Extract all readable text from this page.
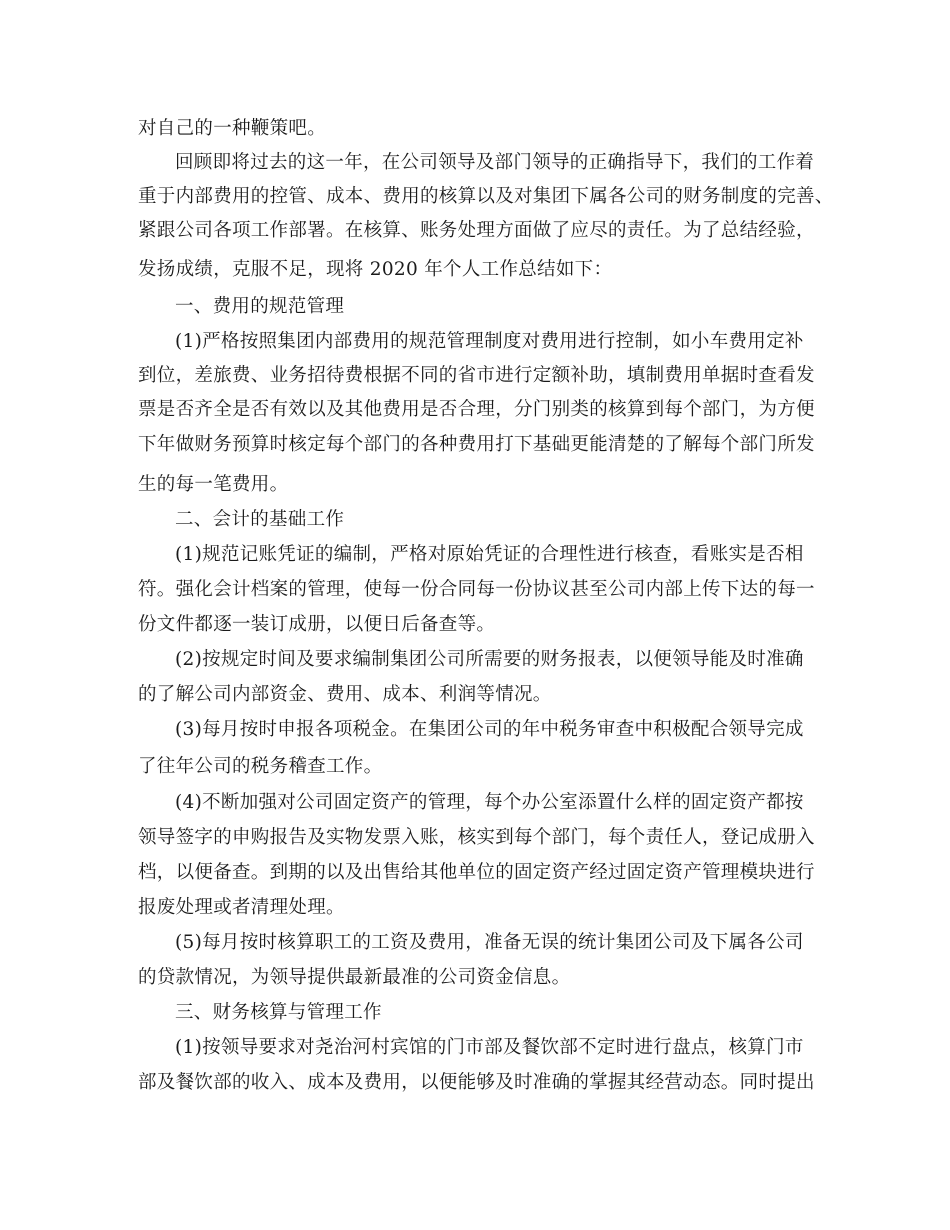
对自己的一种鞭策吧。
回顾即将过去的这一年，在公司领导及部门领导的正确指导下，我们的工作着
重于内部费用的控管、成本、费用的核算以及对集团下属各公司的财务制度的完善、
紧跟公司各项工作部署。在核算、账务处理方面做了应尽的责任。为了总结经验，
发扬成绩，克服不足，现将 2020 年个人工作总结如下：
一、费用的规范管理
(1)严格按照集团内部费用的规范管理制度对费用进行控制，如小车费用定补
到位，差旅费、业务招待费根据不同的省市进行定额补助，填制费用单据时查看发
票是否齐全是否有效以及其他费用是否合理，分门别类的核算到每个部门，为方便
下年做财务预算时核定每个部门的各种费用打下基础更能清楚的了解每个部门所发
生的每一笔费用。
二、会计的基础工作
(1)规范记账凭证的编制，严格对原始凭证的合理性进行核查，看账实是否相
符。强化会计档案的管理，使每一份合同每一份协议甚至公司内部上传下达的每一
份文件都逐一装订成册，以便日后备查等。
(2)按规定时间及要求编制集团公司所需要的财务报表，以便领导能及时准确
的了解公司内部资金、费用、成本、利润等情况。
(3)每月按时申报各项税金。在集团公司的年中税务审查中积极配合领导完成
了往年公司的税务稽查工作。
(4)不断加强对公司固定资产的管理，每个办公室添置什么样的固定资产都按
领导签字的申购报告及实物发票入账，核实到每个部门，每个责任人，登记成册入
档，以便备查。到期的以及出售给其他单位的固定资产经过固定资产管理模块进行
报废处理或者清理处理。
(5)每月按时核算职工的工资及费用，准备无误的统计集团公司及下属各公司
的贷款情况，为领导提供最新最准的公司资金信息。
三、财务核算与管理工作
(1)按领导要求对尧治河村宾馆的门市部及餐饮部不定时进行盘点，核算门市
部及餐饮部的收入、成本及费用，以便能够及时准确的掌握其经营动态。同时提出
